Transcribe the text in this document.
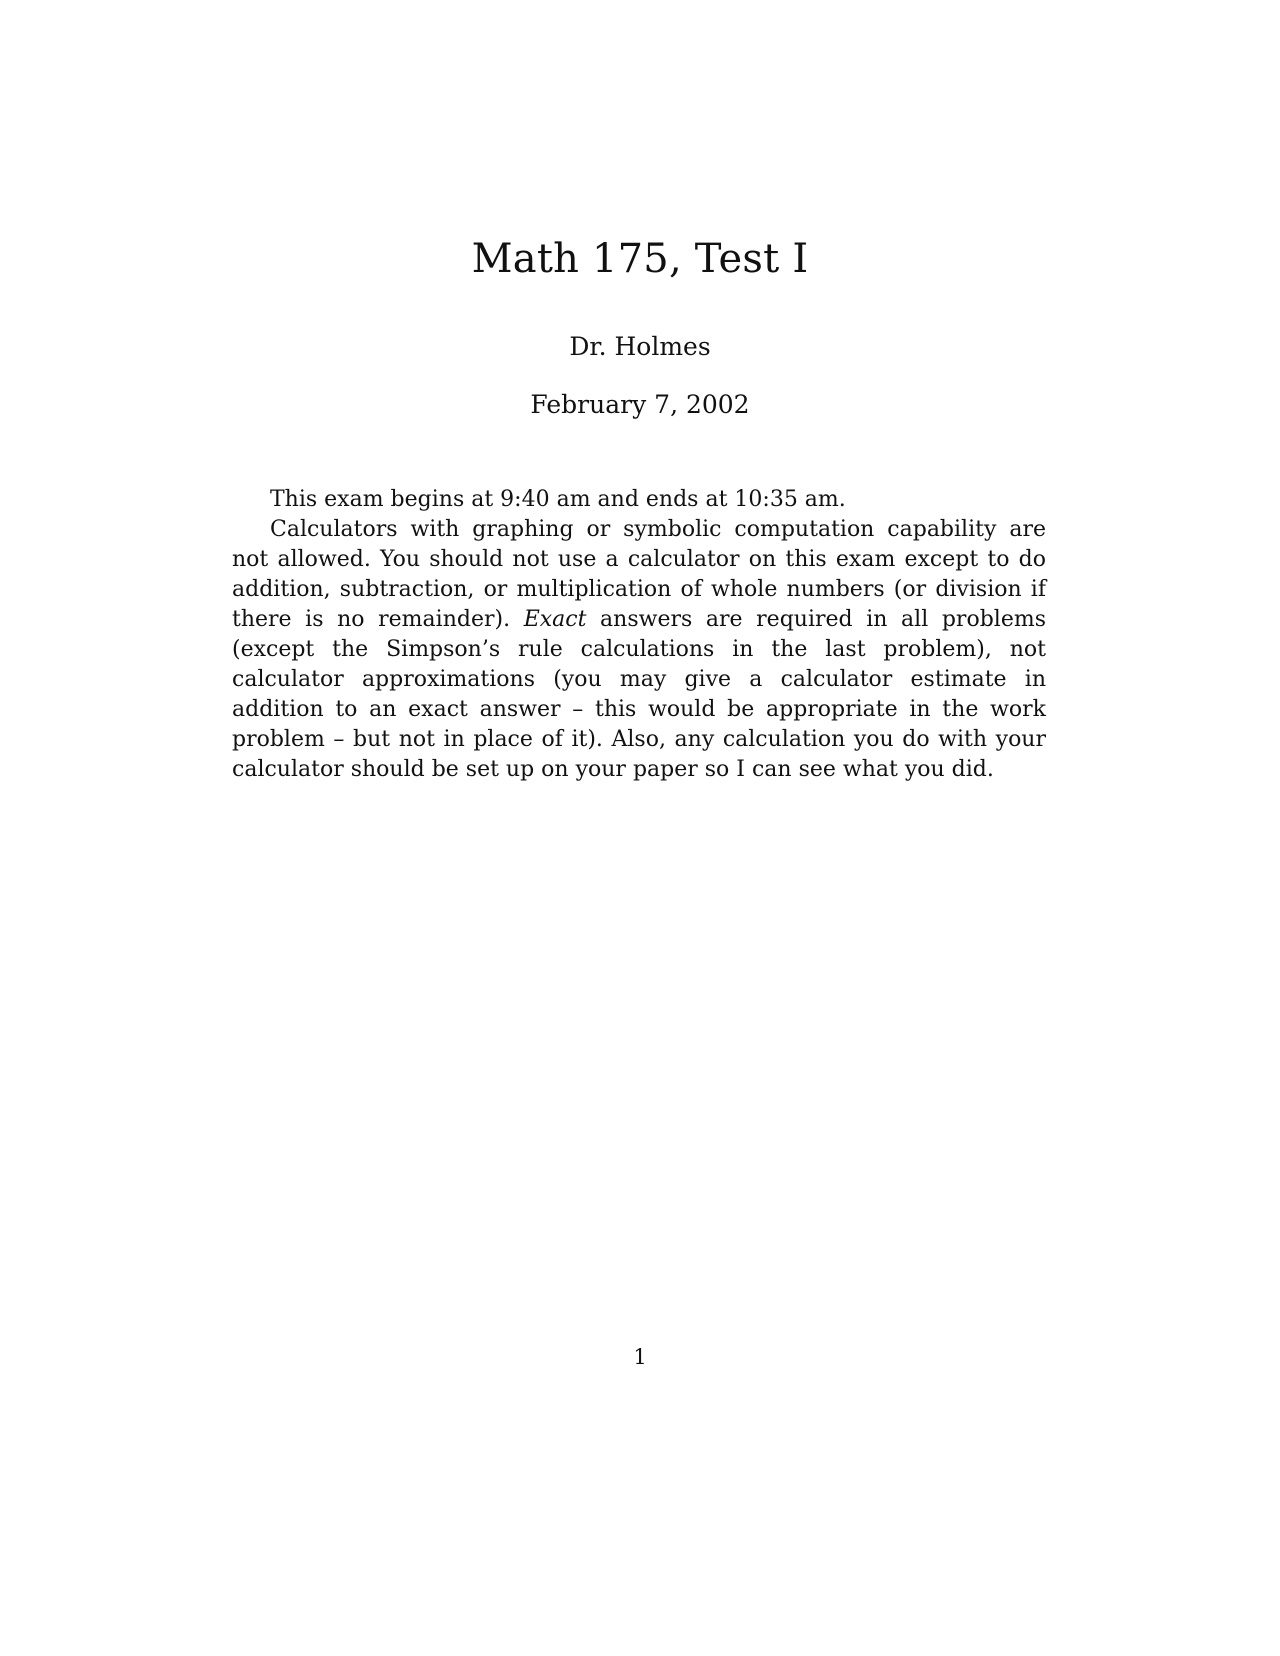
Math 175, Test I
Dr. Holmes
February 7, 2002

This exam begins at 9:40 am and ends at 10:35 am.

Calculators with graphing or symbolic computation capability are not allowed. You should not use a calculator on this exam except to do addition, subtraction, or multiplication of whole numbers (or division if there is no remainder). Exact answers are required in all problems (except the Simpson’s rule calculations in the last problem), not calculator approximations (you may give a calculator estimate in addition to an exact answer – this would be appropriate in the work problem – but not in place of it). Also, any calculation you do with your calculator should be set up on your paper so I can see what you did.

1
